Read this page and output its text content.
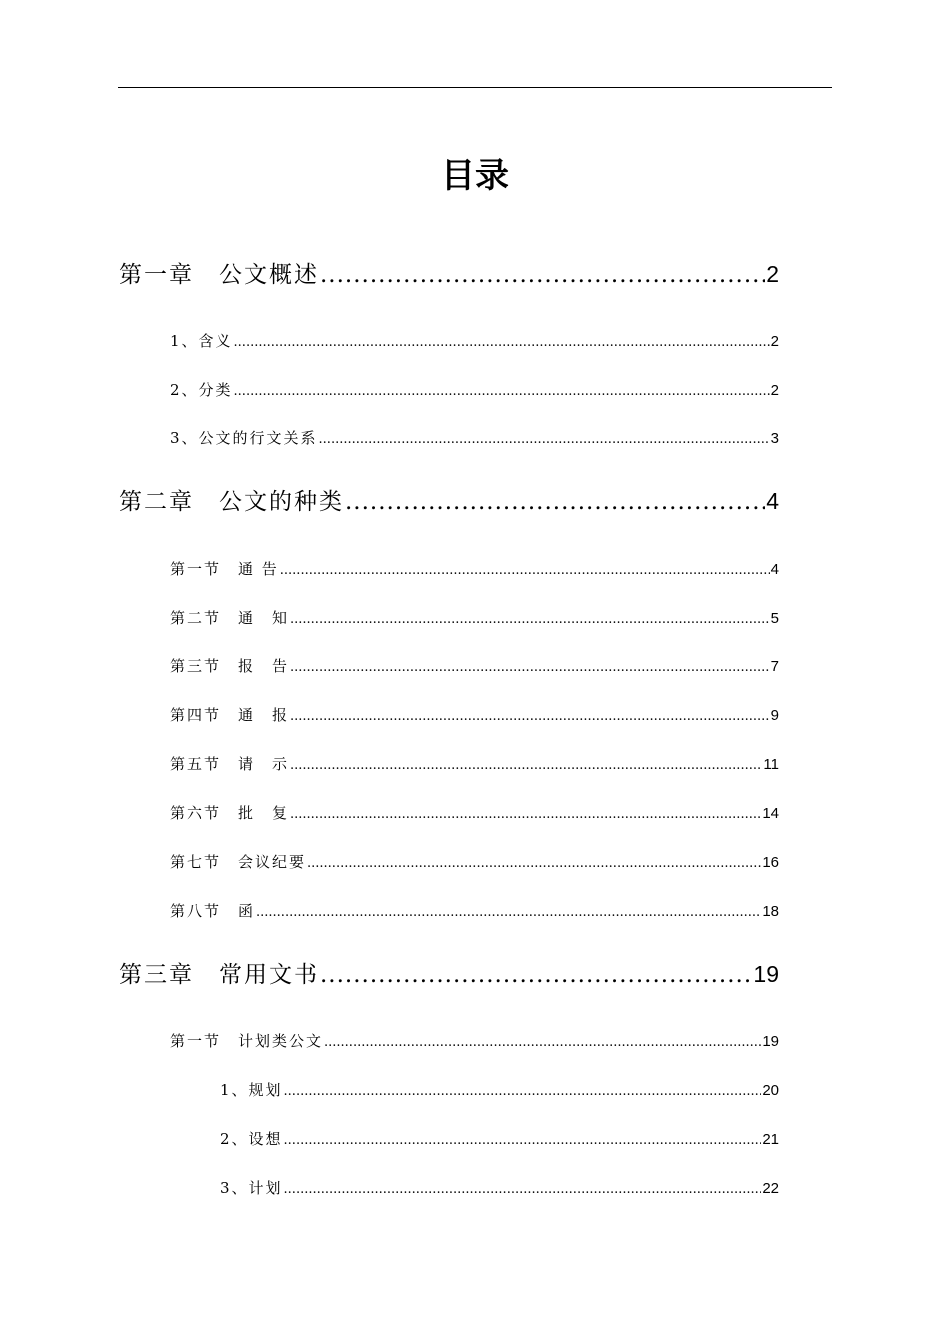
目录
第一章　公文概述 .....	2
1、含义 .....	2
2、分类 .....	2
3、公文的行文关系 .....	3
第二章　公文的种类 .....	4
第一节　通 告 .....	4
第二节　通　知 .....	5
第三节　报　告 .....	7
第四节　通　报 .....	9
第五节　请　示 .....	11
第六节　批　复 .....	14
第七节　会议纪要 .....	16
第八节　函 .....	18
第三章　常用文书 .....	19
第一节　计划类公文 .....	19
1、规划 .....	20
2、设想 .....	21
3、计划 .....	22
